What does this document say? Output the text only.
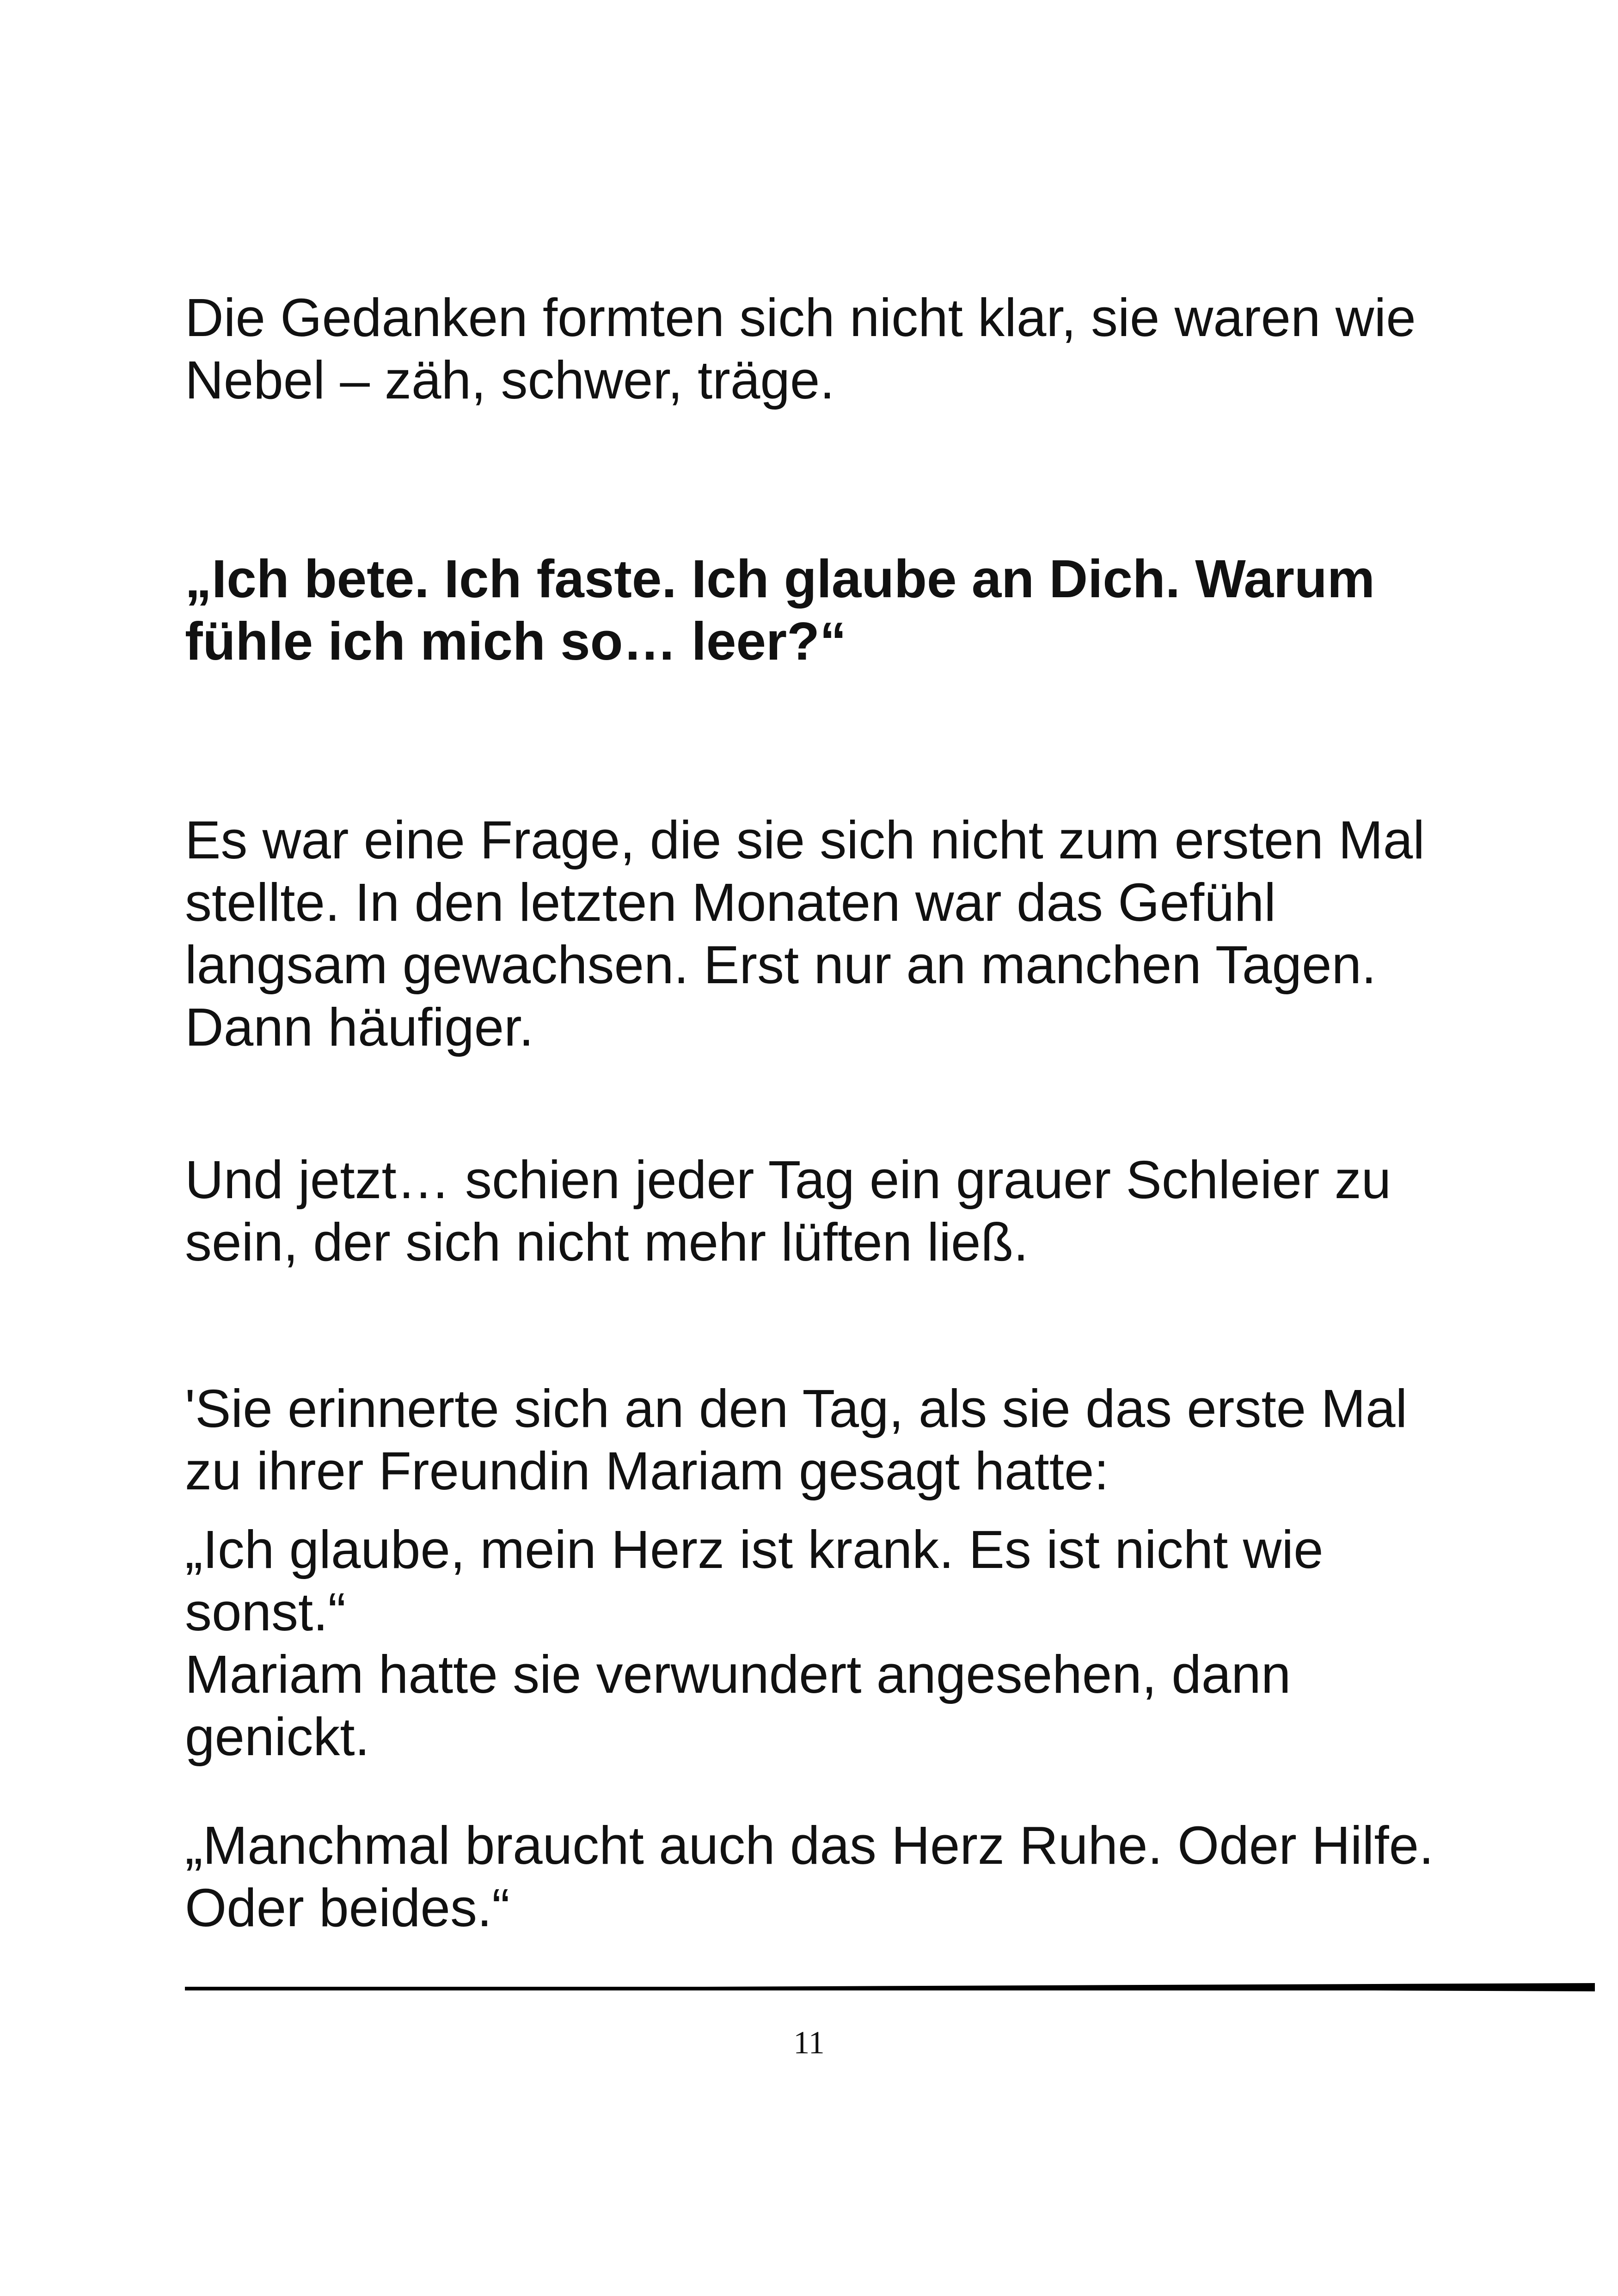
Die Gedanken formten sich nicht klar, sie waren wie
Nebel – zäh, schwer, träge.

„Ich bete. Ich faste. Ich glaube an Dich. Warum
fühle ich mich so… leer?“

Es war eine Frage, die sie sich nicht zum ersten Mal
stellte. In den letzten Monaten war das Gefühl
langsam gewachsen. Erst nur an manchen Tagen.
Dann häufiger.

Und jetzt… schien jeder Tag ein grauer Schleier zu
sein, der sich nicht mehr lüften ließ.

'Sie erinnerte sich an den Tag, als sie das erste Mal
zu ihrer Freundin Mariam gesagt hatte:

„Ich glaube, mein Herz ist krank. Es ist nicht wie
sonst.“

Mariam hatte sie verwundert angesehen, dann
genickt.

„Manchmal braucht auch das Herz Ruhe. Oder Hilfe.
Oder beides.“

11
